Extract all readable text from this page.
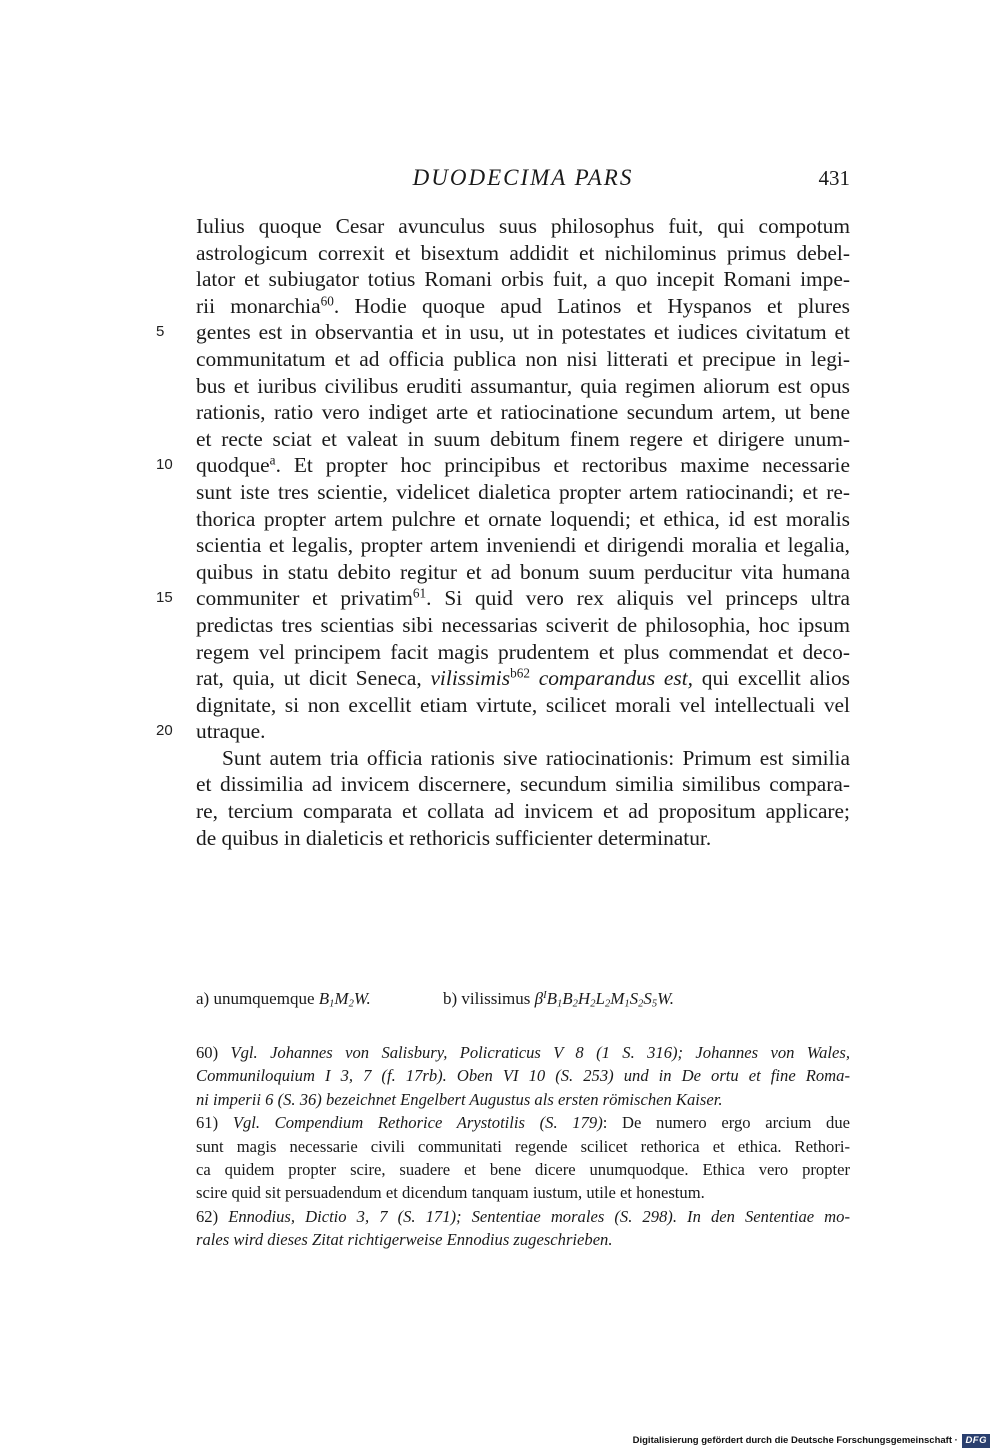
DUODECIMA PARS	431
Iulius quoque Cesar avunculus suus philosophus fuit, qui compotum
astrologicum correxit et bisextum addidit et nichilominus primus debel-
lator et subiugator totius Romani orbis fuit, a quo incepit Romani impe-
rii monarchia$^{60}$. Hodie quoque apud Latinos et Hyspanos et plures
5 gentes est in observantia et in usu, ut in potestates et iudices civitatum et
communitatum et ad officia publica non nisi litterati et precipue in legi-
bus et iuribus civilibus eruditi assumantur, quia regimen aliorum est opus
rationis, ratio vero indiget arte et ratiocinatione secundum artem, ut bene
et recte sciat et valeat in suum debitum finem regere et dirigere unum-
10 quodque$^a$. Et propter hoc principibus et rectoribus maxime necessarie
sunt iste tres scientie, videlicet dialetica propter artem ratiocinandi; et re-
thorica propter artem pulchre et ornate loquendi; et ethica, id est moralis
scientia et legalis, propter artem inveniendi et dirigendi moralia et legalia,
quibus in statu debito regitur et ad bonum suum perducitur vita humana
15 communiter et privatim$^{61}$. Si quid vero rex aliquis vel princeps ultra
predictas tres scientias sibi necessarias sciverit de philosophia, hoc ipsum
regem vel principem facit magis prudentem et plus commendat et deco-
rat, quia, ut dicit Seneca, vilissimis$^{b62}$ comparandus est, qui excellit alios
dignitate, si non excellit etiam virtute, scilicet morali vel intellectuali vel
20 utraque.
Sunt autem tria officia rationis sive ratiocinationis: Primum est similia
et dissimilia ad invicem discernere, secundum similia similibus compara-
re, tercium comparata et collata ad invicem et ad propositum applicare;
de quibus in dialeticis et rethoricis sufficienter determinatur.
a) unumquemque $B_1M_2W$.	b) vilissimus $\beta^IB_1B_2H_2L_2M_1S_2S_5W$.
60) Vgl. Johannes von Salisbury, Policraticus V 8 (1 S. 316); Johannes von Wales,
Communiloquium I 3, 7 (f. 17rb). Oben VI 10 (S. 253) und in De ortu et fine Roma-
ni imperii 6 (S. 36) bezeichnet Engelbert Augustus als ersten römischen Kaiser.
61) Vgl. Compendium Rethorice Arystotilis (S. 179): De numero ergo arcium due
sunt magis necessarie civili communitati regende scilicet rethorica et ethica. Rethori-
ca quidem propter scire, suadere et bene dicere unumquodque. Ethica vero propter
scire quid sit persuadendum et dicendum tanquam iustum, utile et honestum.
62) Ennodius, Dictio 3, 7 (S. 171); Sententiae morales (S. 298). In den Sententiae mo-
rales wird dieses Zitat richtigerweise Ennodius zugeschrieben.
Digitalisierung gefördert durch die Deutsche Forschungsgemeinschaft · DFG
